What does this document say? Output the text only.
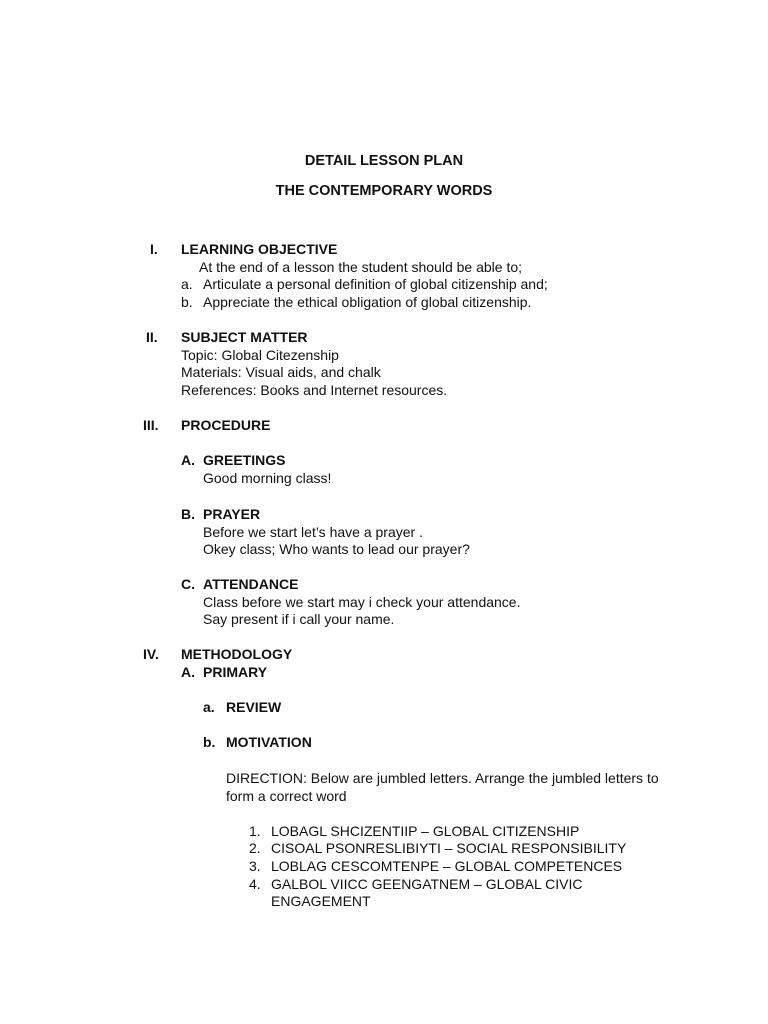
DETAIL LESSON PLAN
THE CONTEMPORARY WORDS
I. LEARNING OBJECTIVE
At the end of a lesson the student should be able to;
a. Articulate a personal definition of global citizenship and;
b. Appreciate the ethical obligation of global citizenship.
II. SUBJECT MATTER
Topic: Global Citezenship
Materials: Visual aids, and chalk
References: Books and Internet resources.
III. PROCEDURE
A. GREETINGS
Good morning class!
B. PRAYER
Before we start let’s have a prayer .
Okey class; Who wants to lead our prayer?
C. ATTENDANCE
Class before we start may i check your attendance.
Say present if i call your name.
IV. METHODOLOGY
A. PRIMARY
a. REVIEW
b. MOTIVATION
DIRECTION: Below are jumbled letters. Arrange the jumbled letters to
form a correct word
1. LOBAGL SHCIZENTIIP – GLOBAL CITIZENSHIP
2. CISOAL PSONRESLIBIYTI – SOCIAL RESPONSIBILITY
3. LOBLAG CESCOMTENPE – GLOBAL COMPETENCES
4. GALBOL VIICC GEENGATNEM – GLOBAL CIVIC
ENGAGEMENT
